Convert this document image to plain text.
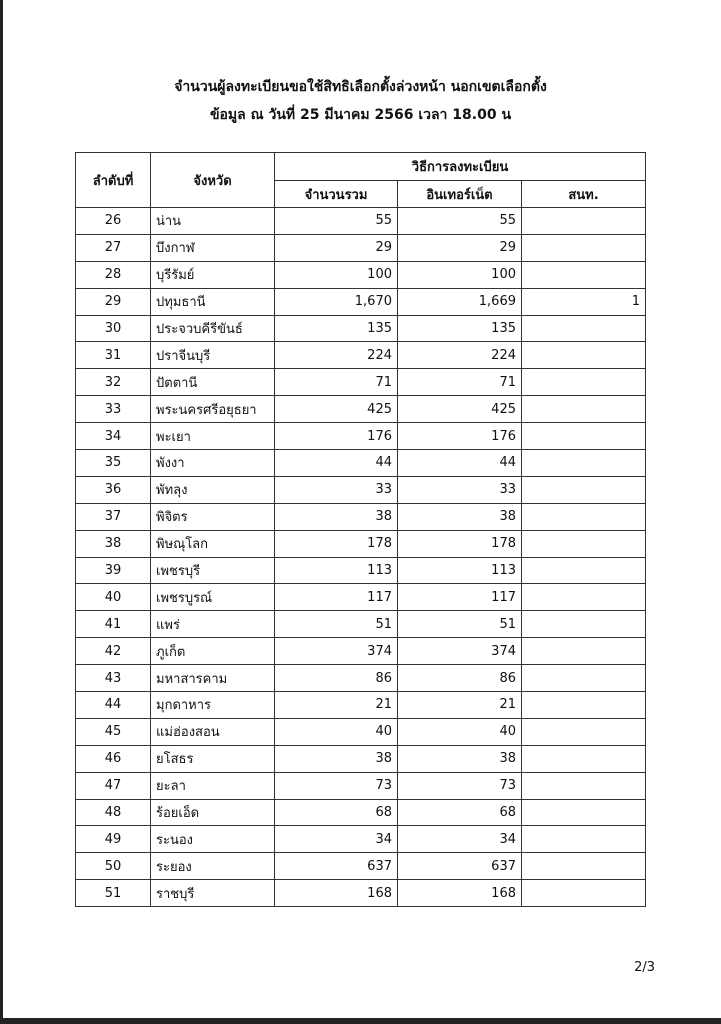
จำนวนผู้ลงทะเบียนขอใช้สิทธิเลือกตั้งล่วงหน้า นอกเขตเลือกตั้ง
ข้อมูล ณ วันที่ 25 มีนาคม 2566 เวลา 18.00 น
ลำดับที่	จังหวัด	วิธีการลงทะเบียน		
		จำนวนรวม	อินเทอร์เน็ต	สนท.
26	น่าน	55	55	
27	บึงกาฬ	29	29	
28	บุรีรัมย์	100	100	
29	ปทุมธานี	1,670	1,669	1
30	ประจวบคีรีขันธ์	135	135	
31	ปราจีนบุรี	224	224	
32	ปัตตานี	71	71	
33	พระนครศรีอยุธยา	425	425	
34	พะเยา	176	176	
35	พังงา	44	44	
36	พัทลุง	33	33	
37	พิจิตร	38	38	
38	พิษณุโลก	178	178	
39	เพชรบุรี	113	113	
40	เพชรบูรณ์	117	117	
41	แพร่	51	51	
42	ภูเก็ต	374	374	
43	มหาสารคาม	86	86	
44	มุกดาหาร	21	21	
45	แม่ฮ่องสอน	40	40	
46	ยโสธร	38	38	
47	ยะลา	73	73	
48	ร้อยเอ็ด	68	68	
49	ระนอง	34	34	
50	ระยอง	637	637	
51	ราชบุรี	168	168	
2/3
